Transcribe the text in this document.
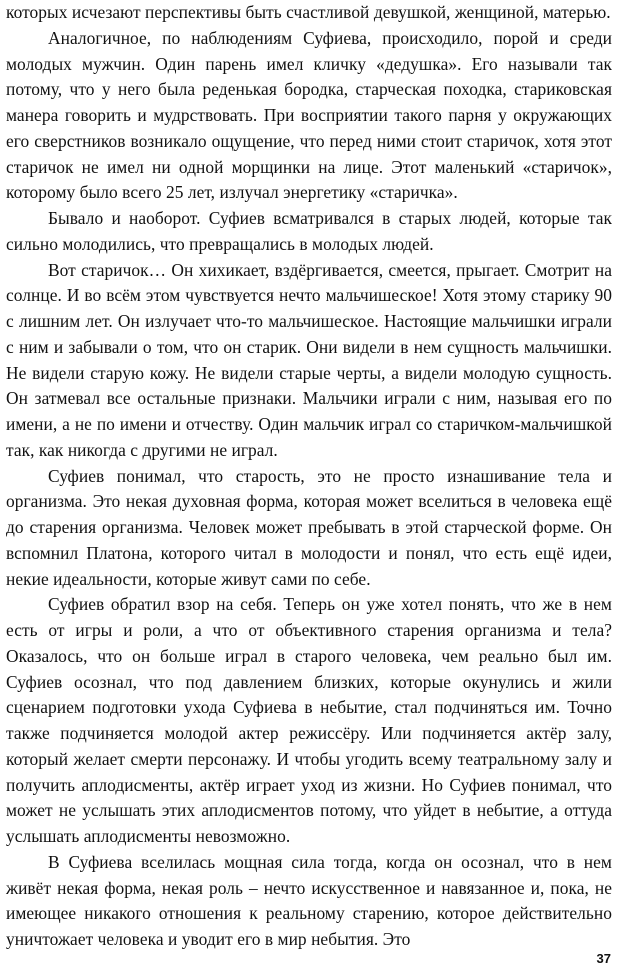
которых исчезают перспективы быть счастливой девушкой, женщиной, матерью.

Аналогичное, по наблюдениям Суфиева, происходило, порой и среди молодых мужчин. Один парень имел кличку «дедушка». Его называли так потому, что у него была реденькая бородка, старческая походка, стариковская манера говорить и мудрствовать. При восприятии такого парня у окружающих его сверстников возникало ощущение, что перед ними стоит старичок, хотя этот старичок не имел ни одной морщинки на лице. Этот маленький «старичок», которому было всего 25 лет, излучал энергетику «старичка».

Бывало и наоборот. Суфиев всматривался в старых людей, которые так сильно молодились, что превращались в молодых людей.

Вот старичок… Он хихикает, вздёргивается, смеется, прыгает. Смотрит на солнце. И во всём этом чувствуется нечто мальчишеское! Хотя этому старику 90 с лишним лет. Он излучает что-то мальчишеское. Настоящие мальчишки играли с ним и забывали о том, что он старик. Они видели в нем сущность мальчишки. Не видели старую кожу. Не видели старые черты, а видели молодую сущность. Он затмевал все остальные признаки. Мальчики играли с ним, называя его по имени, а не по имени и отчеству. Один мальчик играл со старичком-мальчишкой так, как никогда с другими не играл.

Суфиев понимал, что старость, это не просто изнашивание тела и организма. Это некая духовная форма, которая может вселиться в человека ещё до старения организма. Человек может пребывать в этой старческой форме. Он вспомнил Платона, которого читал в молодости и понял, что есть ещё идеи, некие идеальности, которые живут сами по себе.

Суфиев обратил взор на себя. Теперь он уже хотел понять, что же в нем есть от игры и роли, а что от объективного старения организма и тела? Оказалось, что он больше играл в старого человека, чем реально был им. Суфиев осознал, что под давлением близких, которые окунулись и жили сценарием подготовки ухода Суфиева в небытие, стал подчиняться им. Точно также подчиняется молодой актер режиссёру. Или подчиняется актёр залу, который желает смерти персонажу. И чтобы угодить всему театральному залу и получить аплодисменты, актёр играет уход из жизни. Но Суфиев понимал, что может не услышать этих аплодисментов потому, что уйдет в небытие, а оттуда услышать аплодисменты невозможно.

В Суфиева вселилась мощная сила тогда, когда он осознал, что в нем живёт некая форма, некая роль – нечто искусственное и навязанное и, пока, не имеющее никакого отношения к реальному старению, которое действительно уничтожает человека и уводит его в мир небытия. Это

37
